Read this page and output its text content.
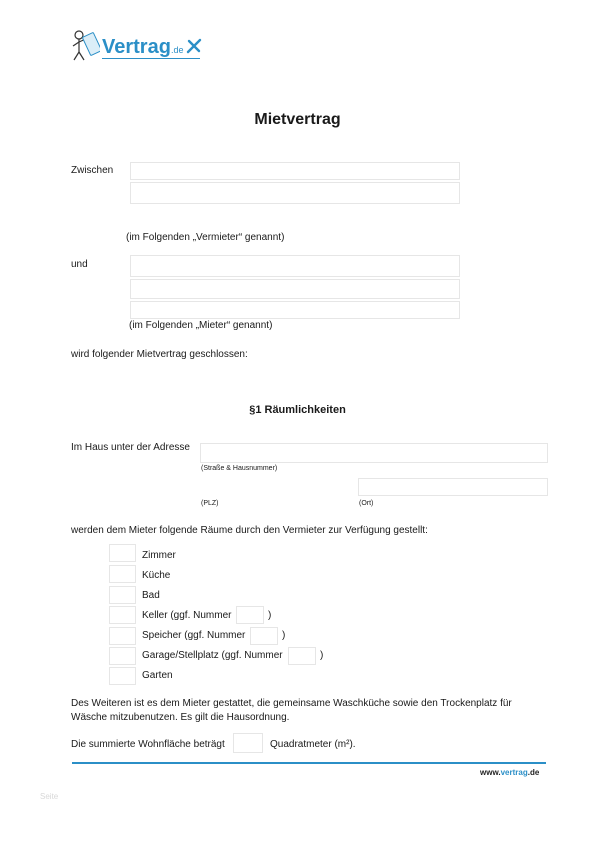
Vertrag.de
Mietvertrag
Zwischen
(im Folgenden „Vermieter“ genannt)
und
(im Folgenden „Mieter“ genannt)
wird folgender Mietvertrag geschlossen:
§1 Räumlichkeiten
Im Haus unter der Adresse
(Straße & Hausnummer)
(PLZ)	(Ort)
werden dem Mieter folgende Räume durch den Vermieter zur Verfügung gestellt:
Zimmer
Küche
Bad
Keller (ggf. Nummer	)
Speicher (ggf. Nummer	)
Garage/Stellplatz (ggf. Nummer	)
Garten
Des Weiteren ist es dem Mieter gestattet, die gemeinsame Waschküche sowie den Trockenplatz für
Wäsche mitzubenutzen. Es gilt die Hausordnung.
Die summierte Wohnfläche beträgt	Quadratmeter (m²).
www.vertrag.de
Seite
